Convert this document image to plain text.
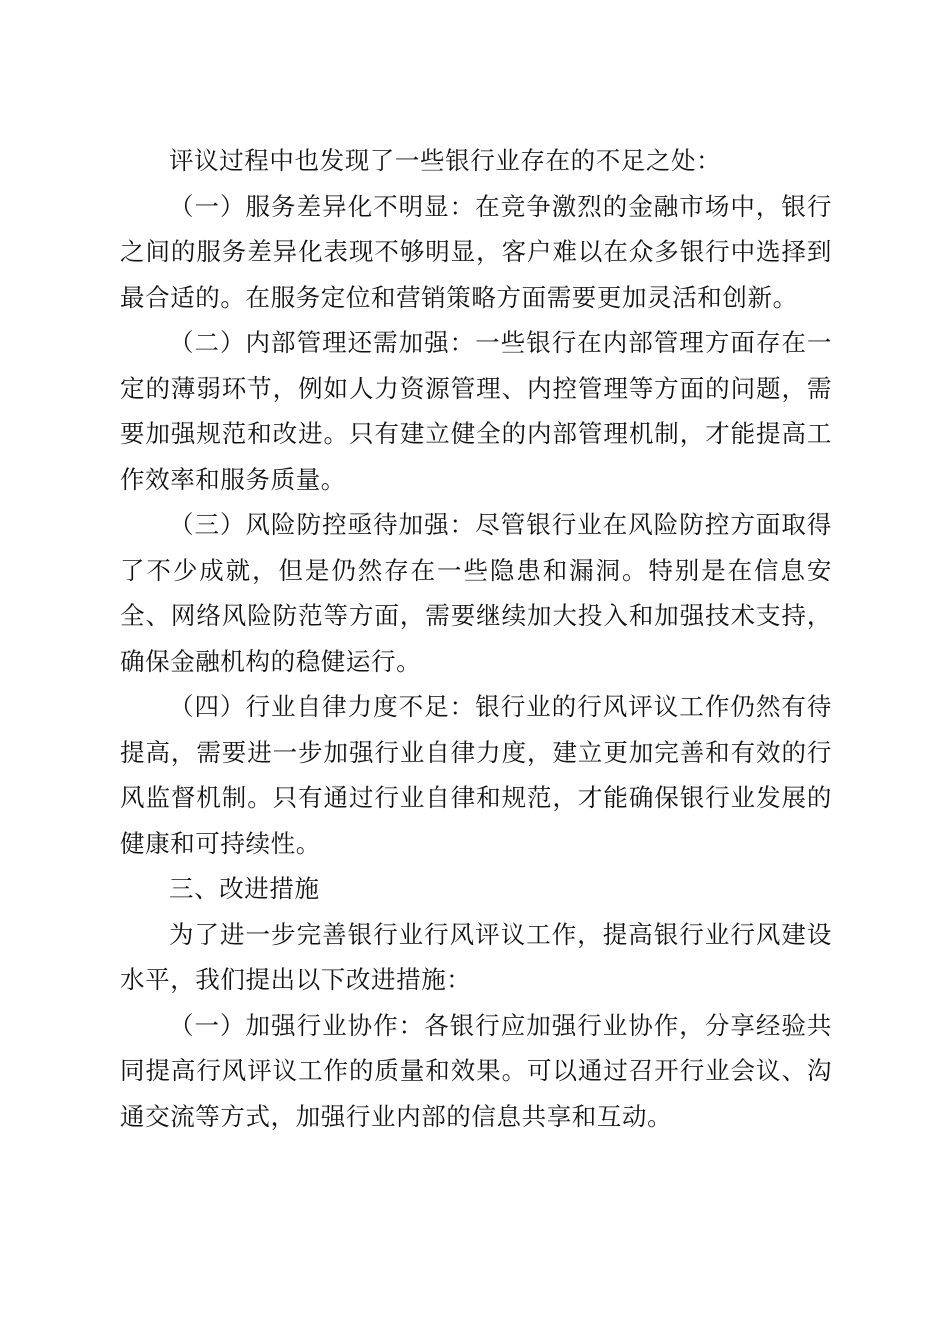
评议过程中也发现了一些银行业存在的不足之处：

（一）服务差异化不明显：在竞争激烈的金融市场中，银行之间的服务差异化表现不够明显，客户难以在众多银行中选择到最合适的。在服务定位和营销策略方面需要更加灵活和创新。

（二）内部管理还需加强：一些银行在内部管理方面存在一定的薄弱环节，例如人力资源管理、内控管理等方面的问题，需要加强规范和改进。只有建立健全的内部管理机制，才能提高工作效率和服务质量。

（三）风险防控亟待加强：尽管银行业在风险防控方面取得了不少成就，但是仍然存在一些隐患和漏洞。特别是在信息安全、网络风险防范等方面，需要继续加大投入和加强技术支持，确保金融机构的稳健运行。

（四）行业自律力度不足：银行业的行风评议工作仍然有待提高，需要进一步加强行业自律力度，建立更加完善和有效的行风监督机制。只有通过行业自律和规范，才能确保银行业发展的健康和可持续性。

三、改进措施

为了进一步完善银行业行风评议工作，提高银行业行风建设水平，我们提出以下改进措施：

（一）加强行业协作：各银行应加强行业协作，分享经验共同提高行风评议工作的质量和效果。可以通过召开行业会议、沟通交流等方式，加强行业内部的信息共享和互动。
